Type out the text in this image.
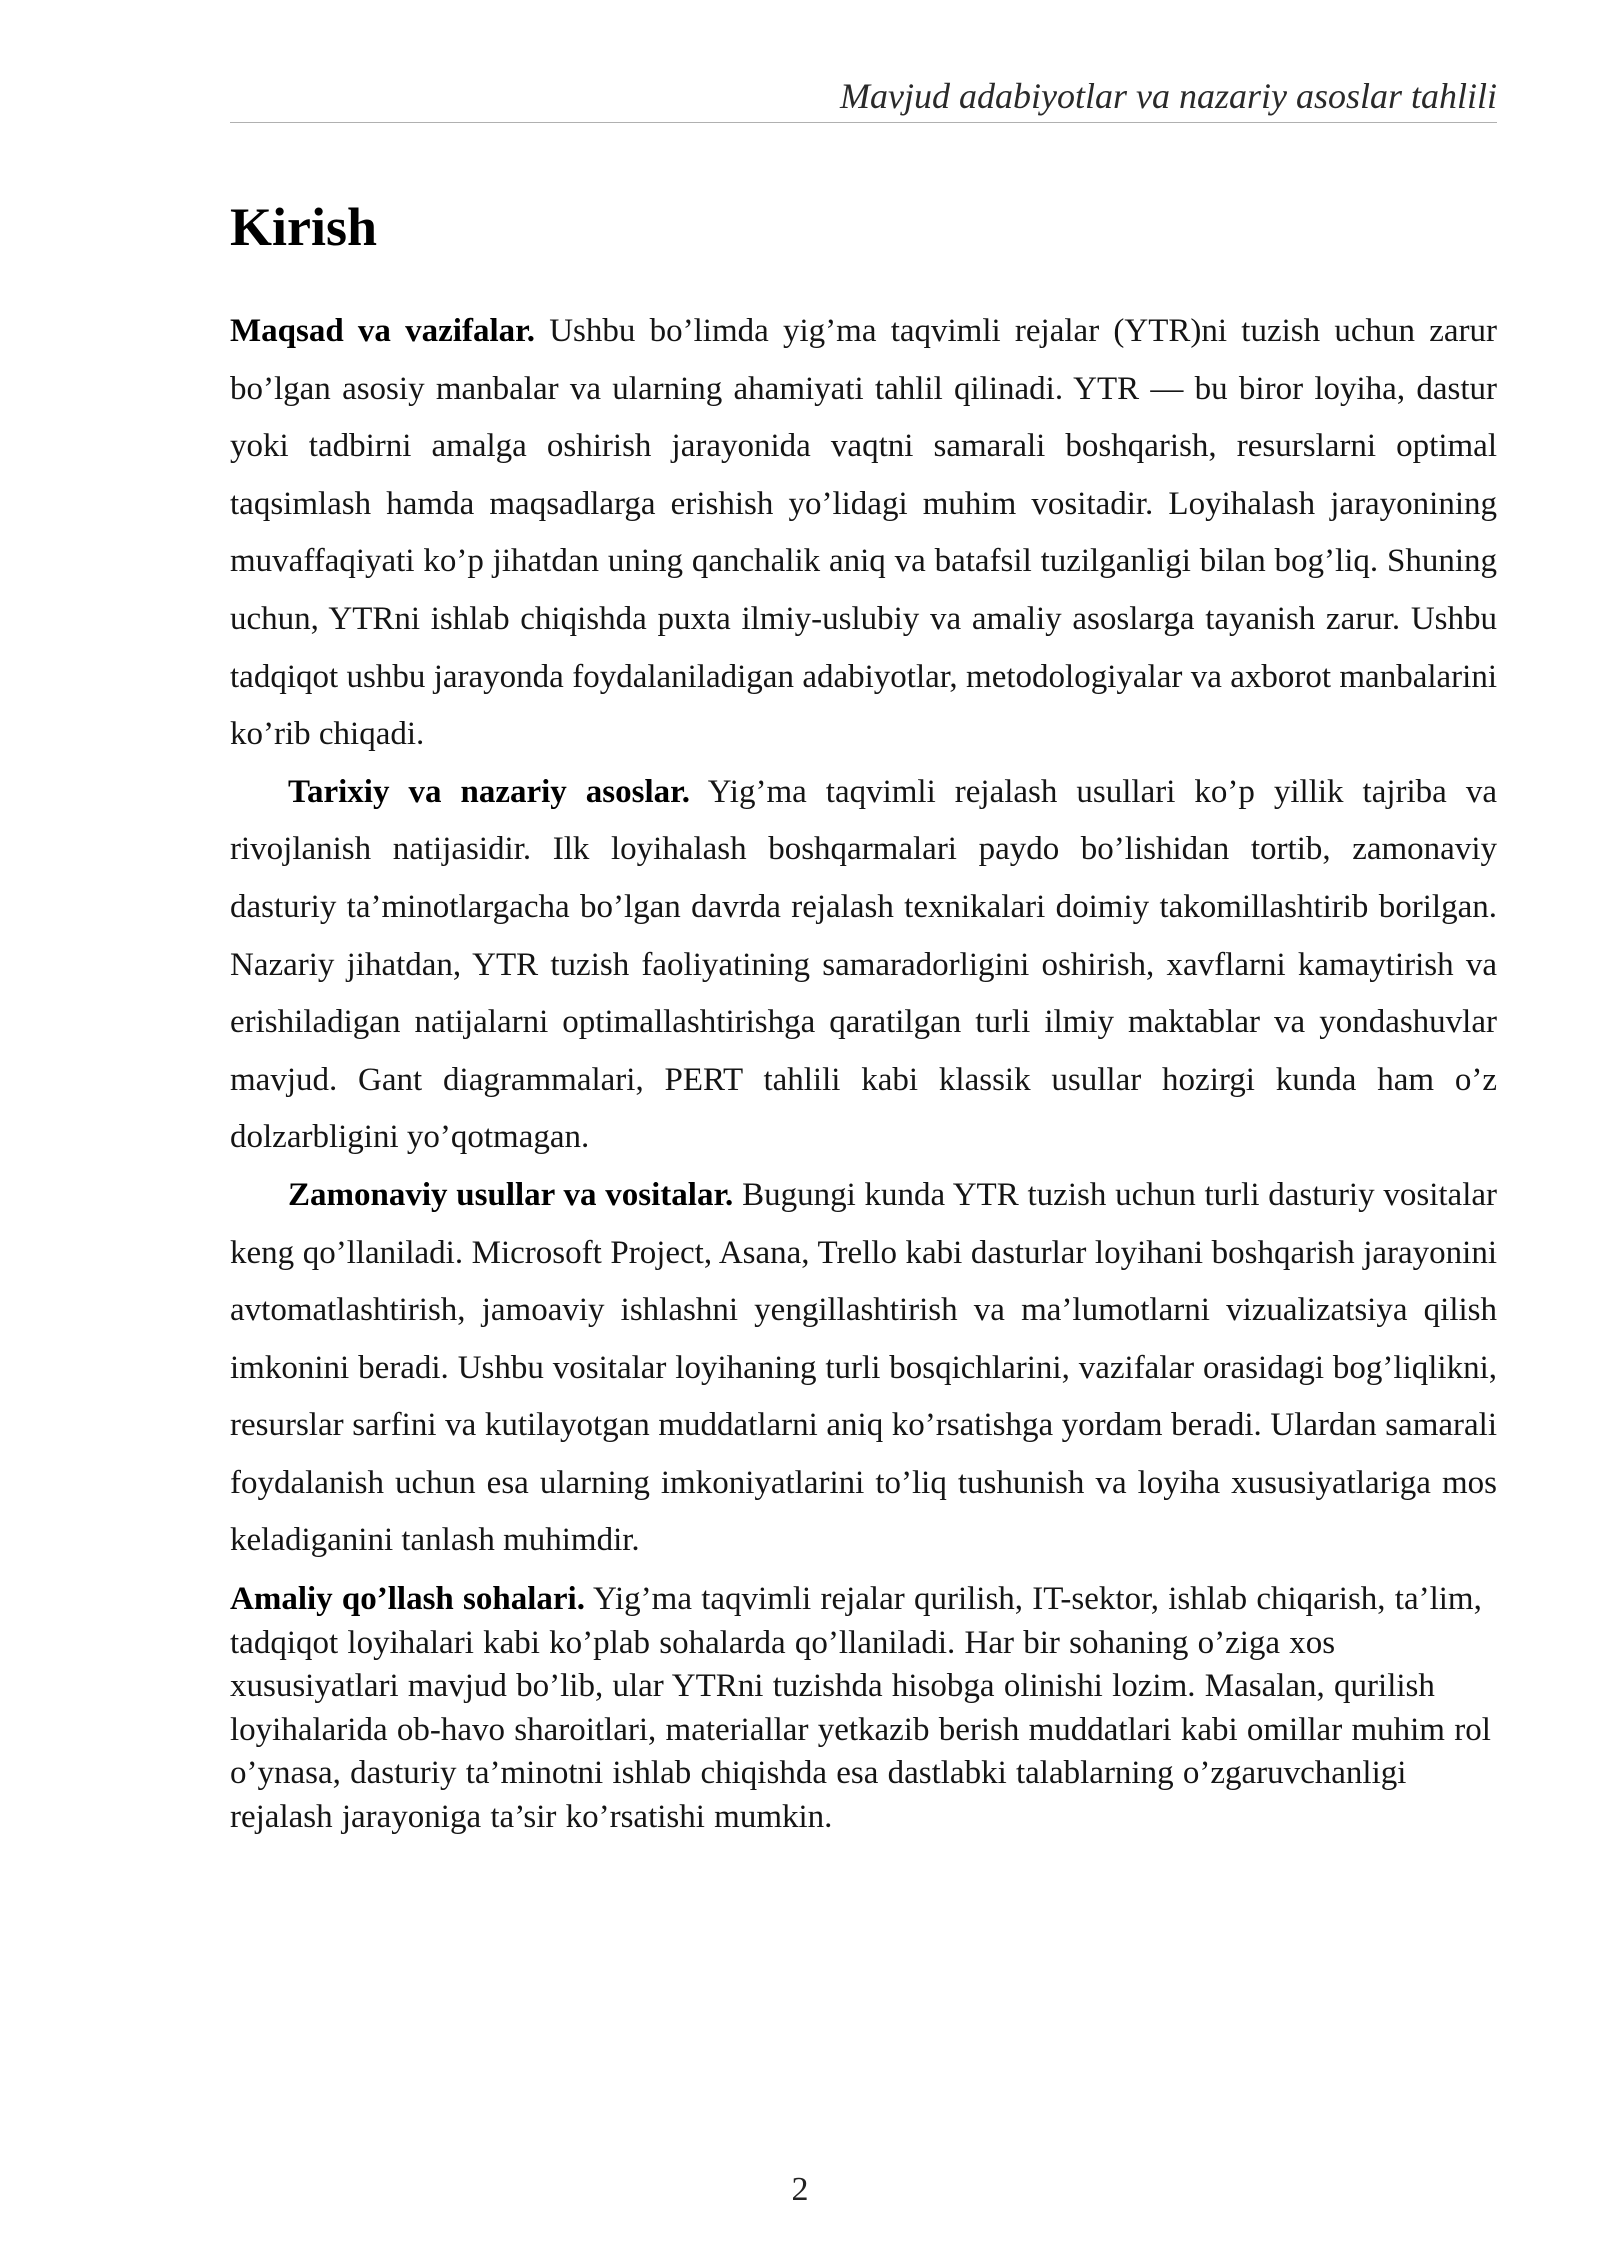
Mavjud adabiyotlar va nazariy asoslar tahlili
Kirish

Maqsad va vazifalar. Ushbu bo’limda yig’ma taqvimli rejalar (YTR)ni tuzish uchun zarur bo’lgan asosiy manbalar va ularning ahamiyati tahlil qilinadi. YTR — bu biror loyiha, dastur yoki tadbirni amalga oshirish jarayonida vaqtni samarali boshqarish, resurslarni optimal taqsimlash hamda maqsadlarga erishish yo’lidagi muhim vositadir. Loyihalash jarayonining muvaffaqiyati ko’p jihatdan uning qanchalik aniq va batafsil tuzilganligi bilan bog’liq. Shuning uchun, YTRni ishlab chiqishda puxta ilmiy-uslubiy va amaliy asoslarga tayanish zarur. Ushbu tadqiqot ushbu jarayonda foydalaniladigan adabiyotlar, metodologiyalar va axborot manbalarini ko’rib chiqadi.

Tarixiy va nazariy asoslar. Yig’ma taqvimli rejalash usullari ko’p yillik tajriba va rivojlanish natijasidir. Ilk loyihalash boshqarmalari paydo bo’lishidan tortib, zamonaviy dasturiy ta’minotlargacha bo’lgan davrda rejalash texnikalari doimiy takomillashtirib borilgan. Nazariy jihatdan, YTR tuzish faoliyatining samaradorligini oshirish, xavflarni kamaytirish va erishiladigan natijalarni optimallashtirishga qaratilgan turli ilmiy maktablar va yondashuvlar mavjud. Gant diagrammalari, PERT tahlili kabi klassik usullar hozirgi kunda ham o’z dolzarbligini yo’qotmagan.

Zamonaviy usullar va vositalar. Bugungi kunda YTR tuzish uchun turli dasturiy vositalar keng qo’llaniladi. Microsoft Project, Asana, Trello kabi dasturlar loyihani boshqarish jarayonini avtomatlashtirish, jamoaviy ishlashni yengillashtirish va ma’lumotlarni vizualizatsiya qilish imkonini beradi. Ushbu vositalar loyihaning turli bosqichlarini, vazifalar orasidagi bog’liqlikni, resurslar sarfini va kutilayotgan muddatlarni aniq ko’rsatishga yordam beradi. Ulardan samarali foydalanish uchun esa ularning imkoniyatlarini to’liq tushunish va loyiha xususiyatlariga mos keladiganini tanlash muhimdir.

Amaliy qo’llash sohalari. Yig’ma taqvimli rejalar qurilish, IT-sektor, ishlab chiqarish, ta’lim, tadqiqot loyihalari kabi ko’plab sohalarda qo’llaniladi. Har bir sohaning o’ziga xos xususiyatlari mavjud bo’lib, ular YTRni tuzishda hisobga olinishi lozim. Masalan, qurilish loyihalarida ob-havo sharoitlari, materiallar yetkazib berish muddatlari kabi omillar muhim rol o’ynasa, dasturiy ta’minotni ishlab chiqishda esa dastlabki talablarning o’zgaruvchanligi rejalash jarayoniga ta’sir ko’rsatishi mumkin.

2
